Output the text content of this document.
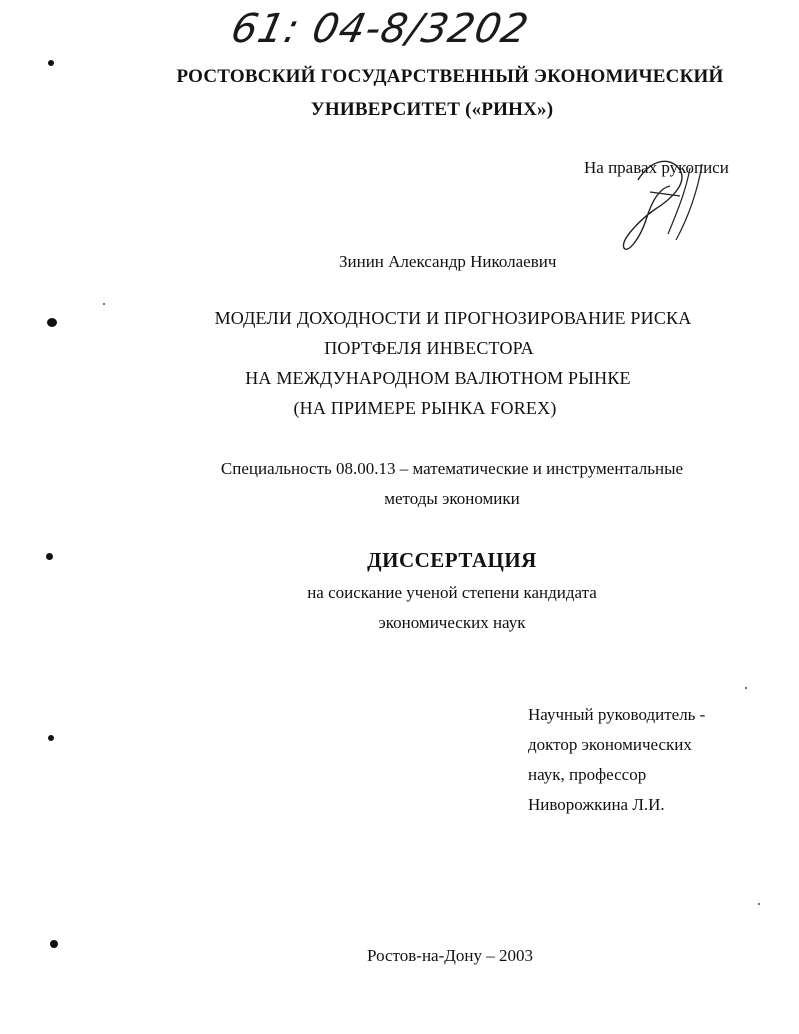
61: 04-8/3202
РОСТОВСКИЙ ГОСУДАРСТВЕННЫЙ ЭКОНОМИЧЕСКИЙ
УНИВЕРСИТЕТ («РИНХ»)
На правах рукописи
Зинин Александр Николаевич
МОДЕЛИ ДОХОДНОСТИ И ПРОГНОЗИРОВАНИЕ РИСКА
ПОРТФЕЛЯ ИНВЕСТОРА
НА МЕЖДУНАРОДНОМ ВАЛЮТНОМ РЫНКЕ
(НА ПРИМЕРЕ РЫНКА FOREX)
Специальность 08.00.13 – математические и инструментальные
методы экономики
ДИССЕРТАЦИЯ
на соискание ученой степени кандидата
экономических наук
Научный руководитель -
доктор экономических
наук, профессор
Ниворожкина Л.И.
Ростов-на-Дону – 2003
